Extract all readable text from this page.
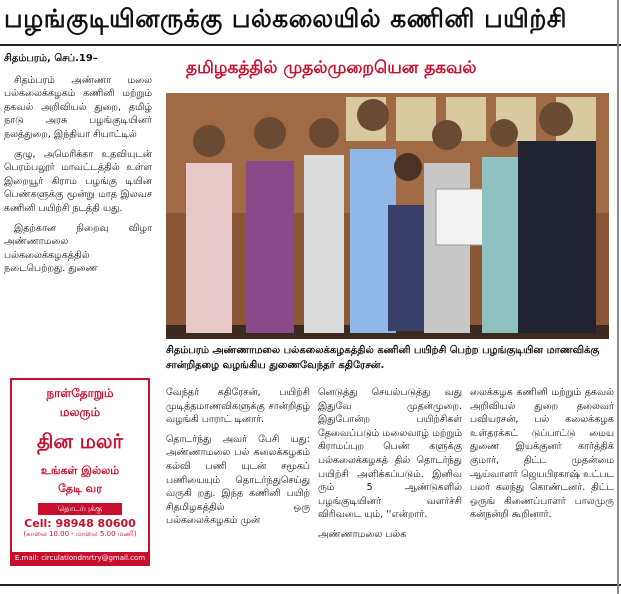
பழங்குடியினருக்கு பல்கலையில் கணினி பயிற்சி
சிதம்பரம், செப்.19–	தமிழகத்தில் முதல்முறையென தகவல்

சிதம்பரம் அண்ணா மலை பல்கலைக்கழகம் கணினி மற்றும் தகவல் அறிவியல் துறை, தமிழ் நாடு அரசு பழங்குடியினர் நலத்துறை, இந்தியா சியாட்டில்

குழு, அமெரிக்கா உதவியுடன் பெரம்பலூர் மாவட்டத்தில் உள்ள இறையூர் கிராம பழங்கு டியின பெண்களுக்கு மூன்று மாத இலவச கணினி பயிற்சி நடத்தி யது.

இதற்கான நிறைவு விழா அண்ணாமலை பல்கலைக்கழகத்தில் நடைபெற்றது. துணை

சிதம்பரம் அண்ணாமலை பல்கலைக்கழகத்தில் கணினி பயிற்சி பெற்ற பழங்குடியின மாணவிக்கு சான்றிதழை வழங்கிய துணைவேந்தர் கதிரேசன்.

வேந்தர் கதிரேசன், பயிற்சி முடித்தமாணவிகளுக்கு சான்றிதழ் வழங்கி பாராட் டினார்.

தொடர்ந்து அவர் பேசி யது: அண்ணாமலை பல் கலைக்கழகம் கல்வி பணி யுடன் சமூகப் பணியையும் தொடர்ந்துசெய்து வருகி றது. இந்த கணினி பயிற் சிதமிழகத்தில் ஒரு பல்கலைக்கழகம் முன்

னெடுத்து செயல்படுத்து வது இதுவே முதன்முறை. இதுபோன்ற பயிற்சிகள் தேவைப்படும் மலைவாழ் மற்றும் கிராமப்புற பெண் களுக்கு பல்கலைக்கழகத் தில் தொடர்ந்து பயிற்சி அளிக்கப்படும். இனிவ ரும் 5 ஆண்டுகளில் பழங்குடியினர் வளர்ச்சி விரிவடை யும், ''என்றார்.

அண்ணாமலை பல்க

லைக்கழக கணினி மற்றும் தகவல் அறிவியல் துறை தலைவர் பவியரசன், பல் கலைக்கழக உள்தரக்கட் டுப்பாட்டு மைய துணை இயக்குனர் கார்த்திக் குமார், திட்ட முதன்மை ஆய்வாளர் ஜெயபிரகாஷ் உட்பட பலர் கலந்து கொண்டனர். திட்ட ஒருங் கிணைப்பாளர் பாலமுரு கன்நன்றி கூறினார்.

நாள்தோறும்
மலரும்
தின மலர்
உங்கள் இல்லம்
தேடி வர
தொடர்புக்கு
Cell: 98948 80600
(காலை 10.00 - மாலை 5.00 மணி)
E.mail: circulationdmrtry@gmail.com
